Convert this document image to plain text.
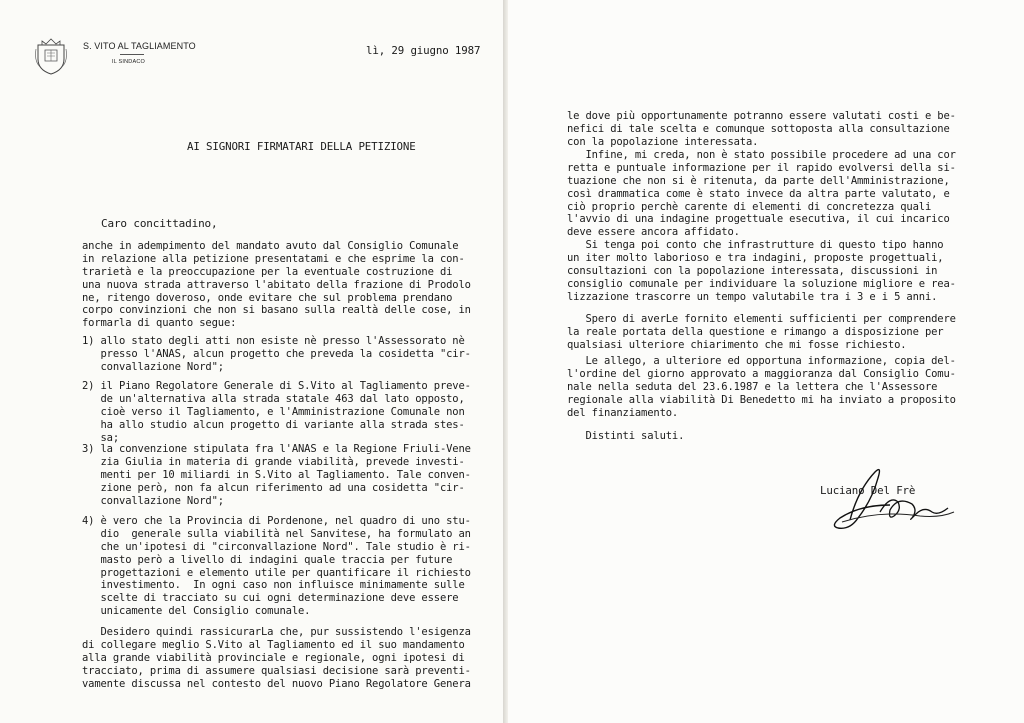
S. VITO AL TAGLIAMENTO
IL SINDACO
lì, 29 giugno 1987
AI SIGNORI FIRMATARI DELLA PETIZIONE
Caro concittadino,
anche in adempimento del mandato avuto dal Consiglio Comunale
in relazione alla petizione presentatami e che esprime la con-
trarietà e la preoccupazione per la eventuale costruzione di
una nuova strada attraverso l'abitato della frazione di Prodolo
ne, ritengo doveroso, onde evitare che sul problema prendano
corpo convinzioni che non si basano sulla realtà delle cose, in
formarla di quanto segue:
1) allo stato degli atti non esiste nè presso l'Assessorato nè
presso l'ANAS, alcun progetto che preveda la cosidetta "cir-
convallazione Nord";
2) il Piano Regolatore Generale di S.Vito al Tagliamento preve-
de un'alternativa alla strada statale 463 dal lato opposto,
cioè verso il Tagliamento, e l'Amministrazione Comunale non
ha allo studio alcun progetto di variante alla strada stes-
sa;
3) la convenzione stipulata fra l'ANAS e la Regione Friuli-Vene
zia Giulia in materia di grande viabilità, prevede investi-
menti per 10 miliardi in S.Vito al Tagliamento. Tale conven-
zione però, non fa alcun riferimento ad una cosidetta "cir-
convallazione Nord";
4) è vero che la Provincia di Pordenone, nel quadro di uno stu-
dio  generale sulla viabilità nel Sanvitese, ha formulato an
che un'ipotesi di "circonvallazione Nord". Tale studio è ri-
masto però a livello di indagini quale traccia per future
progettazioni e elemento utile per quantificare il richiesto
investimento.  In ogni caso non influisce minimamente sulle
scelte di tracciato su cui ogni determinazione deve essere
unicamente del Consiglio comunale.
Desidero quindi rassicurarLa che, pur sussistendo l'esigenza
di collegare meglio S.Vito al Tagliamento ed il suo mandamento
alla grande viabilità provinciale e regionale, ogni ipotesi di
tracciato, prima di assumere qualsiasi decisione sarà preventi-
vamente discussa nel contesto del nuovo Piano Regolatore Genera
le dove più opportunamente potranno essere valutati costi e be-
nefici di tale scelta e comunque sottoposta alla consultazione
con la popolazione interessata.
Infine, mi creda, non è stato possibile procedere ad una cor
retta e puntuale informazione per il rapido evolversi della si-
tuazione che non si è ritenuta, da parte dell'Amministrazione,
così drammatica come è stato invece da altra parte valutato, e
ciò proprio perchè carente di elementi di concretezza quali
l'avvio di una indagine progettuale esecutiva, il cui incarico
deve essere ancora affidato.
Si tenga poi conto che infrastrutture di questo tipo hanno
un iter molto laborioso e tra indagini, proposte progettuali,
consultazioni con la popolazione interessata, discussioni in
consiglio comunale per individuare la soluzione migliore e rea-
lizzazione trascorre un tempo valutabile tra i 3 e i 5 anni.
Spero di averLe fornito elementi sufficienti per comprendere
la reale portata della questione e rimango a disposizione per
qualsiasi ulteriore chiarimento che mi fosse richiesto.
Le allego, a ulteriore ed opportuna informazione, copia del-
l'ordine del giorno approvato a maggioranza dal Consiglio Comu-
nale nella seduta del 23.6.1987 e la lettera che l'Assessore
regionale alla viabilità Di Benedetto mi ha inviato a proposito
del finanziamento.
Distinti saluti.
Luciano Del Frè
